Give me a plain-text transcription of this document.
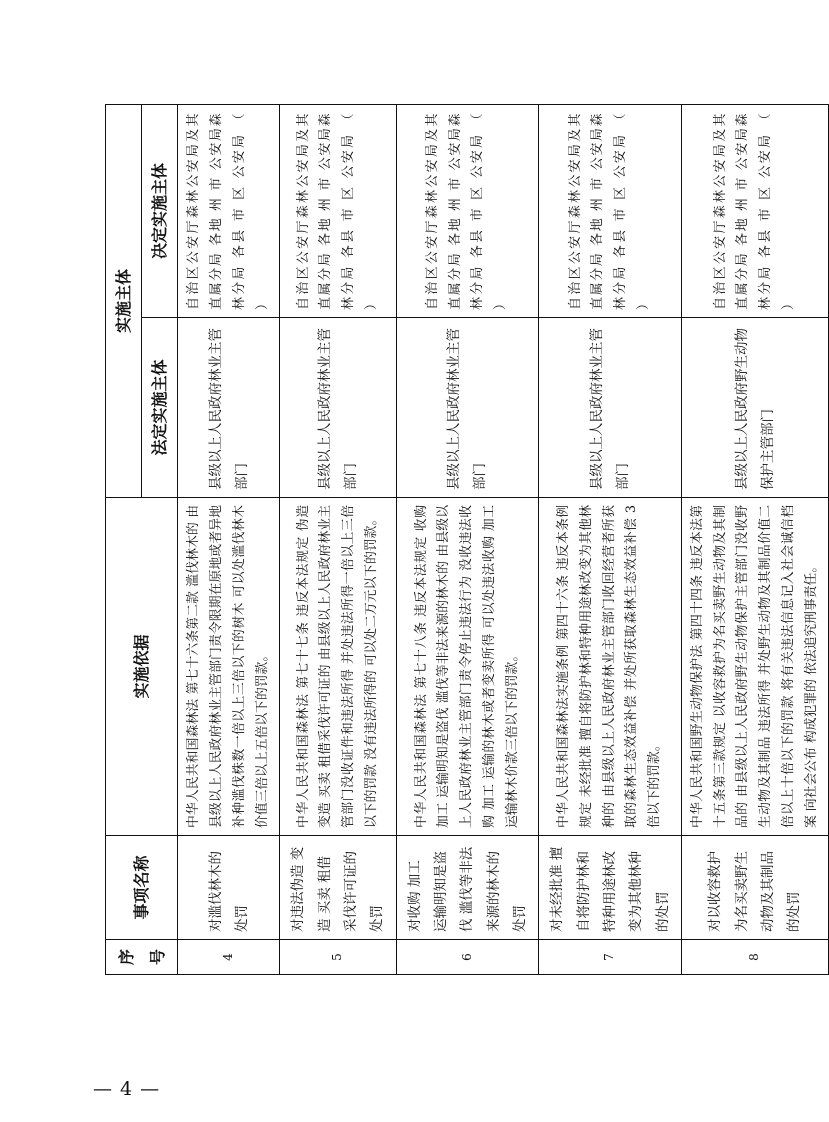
— 4 —
序号	事项名称	实施依据	实施主体	
			法定实施主体	决定实施主体
4	对滥伐林木的处罚	中华人民共和国森林法 第七十六条第二款 滥伐林木的 由县级以上人民政府林业主管部门责令限期在原地或者异地补种滥伐株数一倍以上三倍以下的树木 可以处滥伐林木价值三倍以上五倍以下的罚款。	县级以上人民政府林业主管部门	自治区公安厅森林公安局及其直属分局 各地 州 市 公安局森林分局 各县 市 区 公安局 （ ）
5	对违法伪造 变造 买卖 租借采伐许可证的处罚	中华人民共和国森林法 第七十七条 违反本法规定 伪造 变造 买卖 租借采伐许可证的 由县级以上人民政府林业主管部门没收证件和违法所得 并处违法所得一倍以上三倍以下的罚款 没有违法所得的 可以处二万元以下的罚款。	县级以上人民政府林业主管部门	自治区公安厅森林公安局及其直属分局 各地 州 市 公安局森林分局 各县 市 区 公安局 （ ）
6	对收购 加工 运输明知是盗伐 滥伐等非法来源的林木的处罚	中华人民共和国森林法 第七十八条 违反本法规定 收购 加工 运输明知是盗伐 滥伐等非法来源的林木的 由县级以上人民政府林业主管部门责令停止违法行为 没收违法收购 加工 运输的林木或者变卖所得 可以处违法收购 加工 运输林木价款三倍以下的罚款。	县级以上人民政府林业主管部门	自治区公安厅森林公安局及其直属分局 各地 州 市 公安局森林分局 各县 市 区 公安局 （ ）
7	对未经批准 擅自将防护林和特种用途林改变为其他林种的处罚	中华人民共和国森林法实施条例 第四十六条 违反本条例规定 未经批准 擅自将防护林和特种用途林改变为其他林种的 由县级以上人民政府林业主管部门收回经营者所获取的森林生态效益补偿 并处所获取森林生态效益补偿 3 倍以下的罚款。	县级以上人民政府林业主管部门	自治区公安厅森林公安局及其直属分局 各地 州 市 公安局森林分局 各县 市 区 公安局 （ ）
8	对以收容救护为名买卖野生动物及其制品的处罚	中华人民共和国野生动物保护法 第四十四条 违反本法第十五条第三款规定 以收容救护为名买卖野生动物及其制品的 由县级以上人民政府野生动物保护主管部门没收野生动物及其制品 违法所得 并处野生动物及其制品价值二倍以上十倍以下的罚款 将有关违法信息记入社会诚信档案 向社会公布 构成犯罪的 依法追究刑事责任。	县级以上人民政府野生动物保护主管部门	自治区公安厅森林公安局及其直属分局 各地 州 市 公安局森林分局 各县 市 区 公安局 （ ）
